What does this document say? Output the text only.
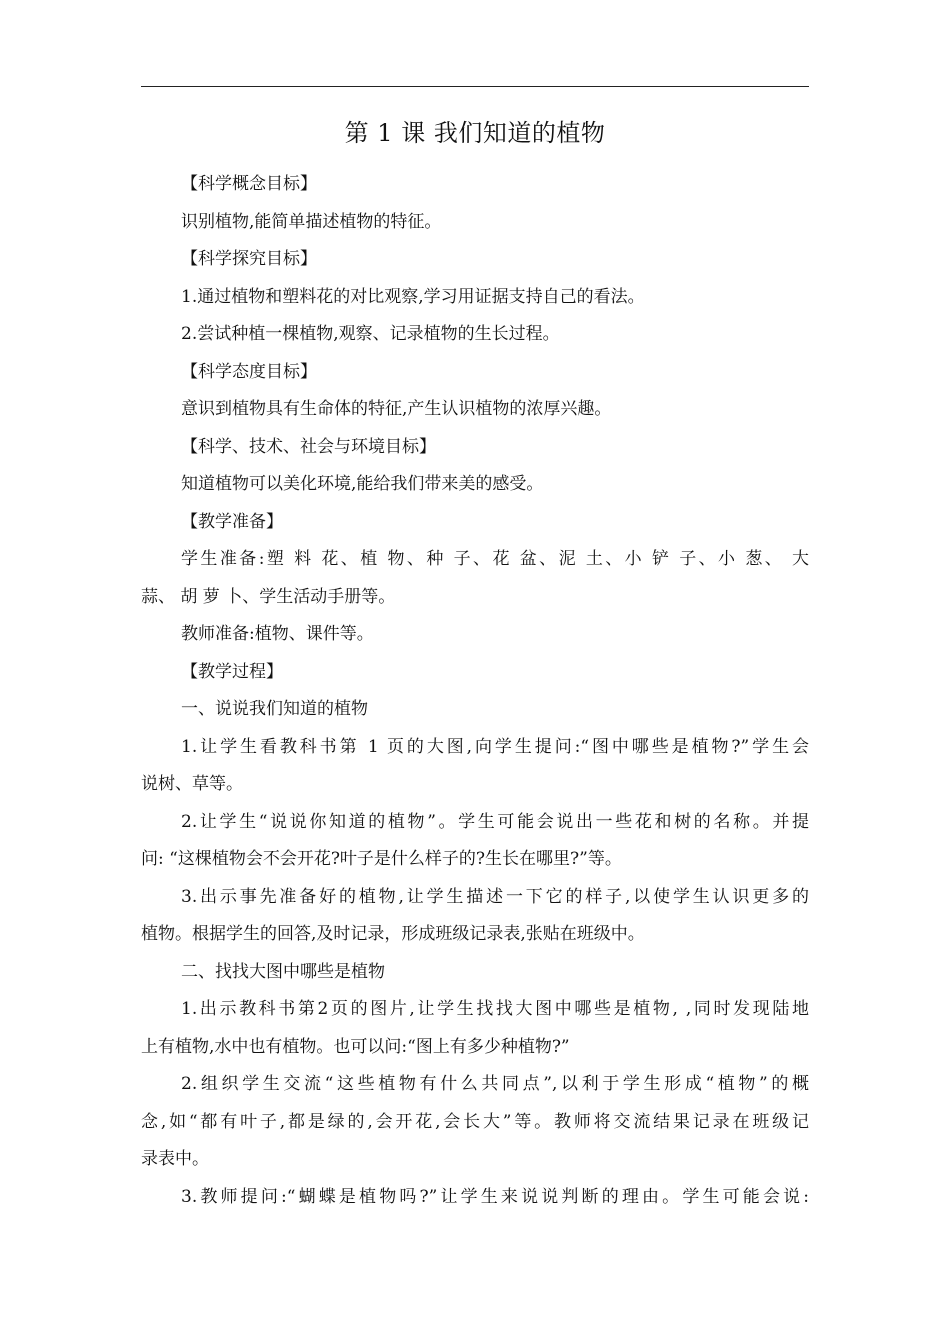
第 1 课 我们知道的植物
【科学概念目标】
识别植物,能简单描述植物的特征。
【科学探究目标】
1.通过植物和塑料花的对比观察,学习用证据支持自己的看法。
2.尝试种植一棵植物,观察、记录植物的生长过程。
【科学态度目标】
意识到植物具有生命体的特征,产生认识植物的浓厚兴趣。
【科学、技术、社会与环境目标】
知道植物可以美化环境,能给我们带来美的感受。
【教学准备】
学生准备:塑 料 花、植 物、种 子、花 盆、泥 土、小 铲 子、小 葱、 大
蒜、 胡 萝 卜、学生活动手册等。
教师准备:植物、课件等。
【教学过程】
一、说说我们知道的植物
1.让学生看教科书第 1 页的大图,向学生提问:“图中哪些是植物?”学生会
说树、草等。
2.让学生“说说你知道的植物”。学生可能会说出一些花和树的名称。并提
问: “这棵植物会不会开花?叶子是什么样子的?生长在哪里?”等。
3.出示事先准备好的植物,让学生描述一下它的样子,以使学生认识更多的
植物。根据学生的回答,及时记录，形成班级记录表,张贴在班级中。
二、找找大图中哪些是植物
1.出示教科书第2页的图片,让学生找找大图中哪些是植物, ,同时发现陆地
上有植物,水中也有植物。也可以问:“图上有多少种植物?”
2.组织学生交流“这些植物有什么共同点”,以利于学生形成“植物”的概
念,如“都有叶子,都是绿的,会开花,会长大”等。教师将交流结果记录在班级记
录表中。
3.教师提问:“蝴蝶是植物吗?”让学生来说说判断的理由。学生可能会说:
